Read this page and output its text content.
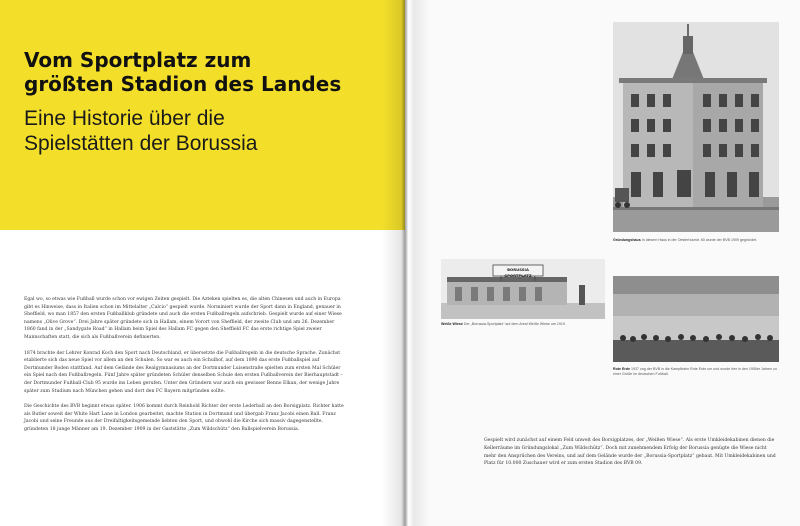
Vom Sportplatz zum
größten Stadion des Landes
Eine Historie über die
Spielstätten der Borussia

Egal wo, so etwas wie Fußball wurde schon vor ewigen Zeiten gespielt. Die Azteken spielten es, die alten Chinesen und auch in Europa gibt es Hinweise, dass in Italien schon im Mittelalter „Calcio“ gespielt wurde. Norminiert wurde der Sport dann in England, genauer in Sheffield, wo man 1857 den ersten Fußballklub gründete und auch die ersten Fußballregeln aufschrieb. Gespielt wurde auf einer Wiese namens „Olive Grove“. Drei Jahre später gründete sich in Hallam, einem Vorort von Sheffield, der zweite Club und am 26. Dezember 1860 fand in der „Sandygate Road“ in Hallam beim Spiel des Hallam FC gegen den Sheffield FC das erste richtige Spiel zweier Mannschaften statt, die sich als Fußballverein definierten.

1874 brachte der Lehrer Konrad Koch den Sport nach Deutschland, er übersetzte die Fußballregeln in die deutsche Sprache. Zunächst etablierte sich das neue Spiel vor allem an den Schulen. So war es auch ein Schulhof, auf dem 1890 das erste Fußballspiel auf Dortmunder Boden stattfand. Auf dem Gelände des Realgymnasiums an der Dortmunder Luisenstraße spielten zum ersten Mal Schüler ein Spiel nach den Fußballregeln. Fünf Jahre später gründeten Schüler denselben Schule den ersten Fußballverein der Bierhauptstadt – der Dortmunder Fußball-Club 95 wurde ins Leben gerufen. Unter den Gründern war auch ein gewisser Benno Elkan, der wenige Jahre später zum Studium nach München gehen und dort den FC Bayern mitgründen sollte.

Die Geschichte des BVB beginnt etwas später. 1906 kommt durch Reinhold Richter der erste Lederball an den Borsigplatz. Richter hatte als Butler soweit der White Hart Lane in London gearbeitet, machte Station in Dortmund und übergab Franz Jacobi einen Ball. Franz Jacobi und seine Freunde aus der Dreifaltigkeitsgemeinde liebten den Sport, und obwohl die Kirche sich massiv dagegenstellte, gründeten 18 junge Männer am 19. Dezember 1909 in der Gaststätte „Zum Wildschütz“ den Ballspielverein Borussia.

Gründungshaus In diesem Haus in der Oesterholzstr. 60 wurde der BVB 1909 gegründet.
BORUSSIA SPORTPLATZ
Weiße Wiese Der „Borussia-Sportplatz“ auf dem Areal Weiße Wiese um 1919.
Rote Erde 1937 zog der BVB in die Kampfbahn Rote Erde um und wurde hier in den 1950er Jahren zu einer Größe im deutschen Fußball.

Gespielt wird zunächst auf einem Feld unweit des Borsigplatzes, der „Weißen Wiese“. Als erste Umkleidekabinen dienen die Kellerräume im Gründungslokal „Zum Wildschütz“. Doch mit zunehmendem Erfolg der Borussia genügte die Wiese nicht mehr den Ansprüchen des Vereins, und auf dem Gelände wurde der „Borussia-Sportplatz“ gebaut. Mit Umkleidekabinen und Platz für 10.000 Zuschauer wird er zum ersten Stadion des BVB 09.
